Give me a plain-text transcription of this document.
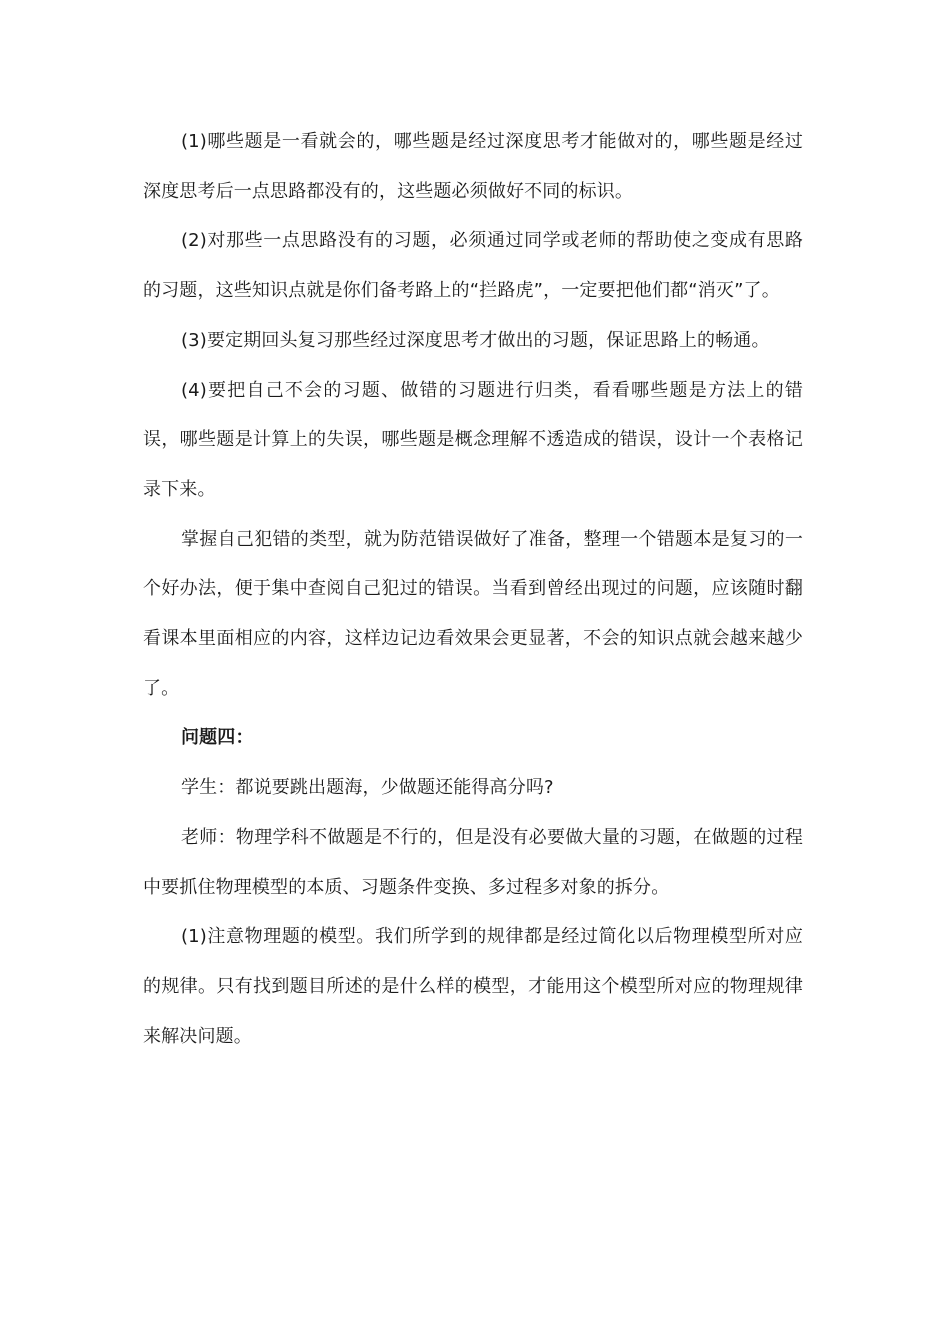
(1)哪些题是一看就会的，哪些题是经过深度思考才能做对的，哪些题是经过深度思考后一点思路都没有的，这些题必须做好不同的标识。

(2)对那些一点思路没有的习题，必须通过同学或老师的帮助使之变成有思路的习题，这些知识点就是你们备考路上的“拦路虎”，一定要把他们都“消灭”了。

(3)要定期回头复习那些经过深度思考才做出的习题，保证思路上的畅通。

(4)要把自己不会的习题、做错的习题进行归类，看看哪些题是方法上的错误，哪些题是计算上的失误，哪些题是概念理解不透造成的错误，设计一个表格记录下来。

掌握自己犯错的类型，就为防范错误做好了准备，整理一个错题本是复习的一个好办法，便于集中查阅自己犯过的错误。当看到曾经出现过的问题，应该随时翻看课本里面相应的内容，这样边记边看效果会更显著，不会的知识点就会越来越少了。

问题四：

学生：都说要跳出题海，少做题还能得高分吗?

老师：物理学科不做题是不行的，但是没有必要做大量的习题，在做题的过程中要抓住物理模型的本质、习题条件变换、多过程多对象的拆分。

(1)注意物理题的模型。我们所学到的规律都是经过简化以后物理模型所对应的规律。只有找到题目所述的是什么样的模型，才能用这个模型所对应的物理规律来解决问题。
